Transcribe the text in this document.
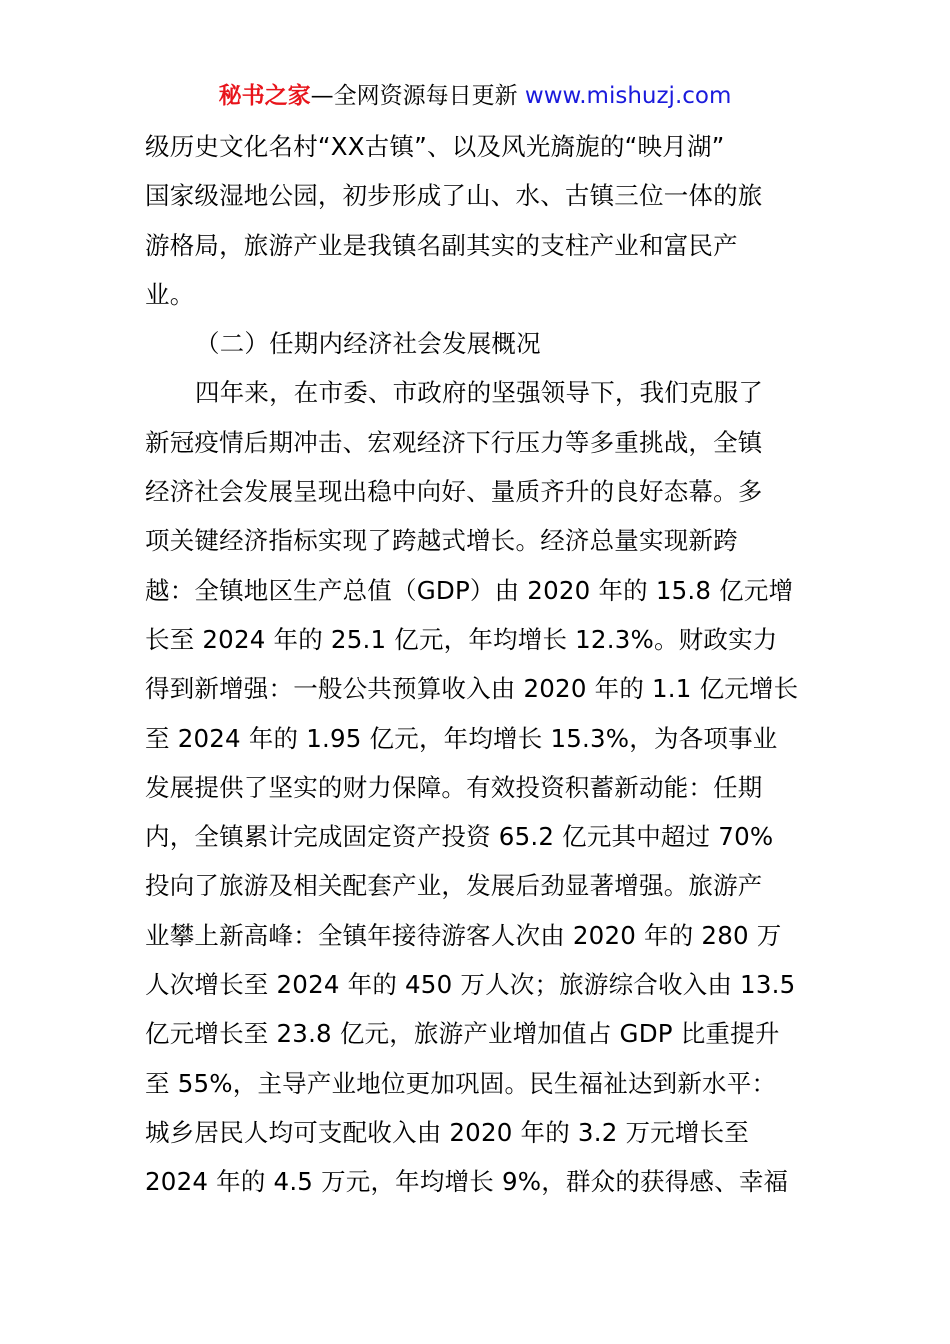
秘书之家—全网资源每日更新 www.mishuzj.com
级历史文化名村“XX古镇”、以及风光旖旎的“映月湖”
国家级湿地公园，初步形成了山、水、古镇三位一体的旅
游格局，旅游产业是我镇名副其实的支柱产业和富民产
业。
（二）任期内经济社会发展概况
四年来，在市委、市政府的坚强领导下，我们克服了
新冠疫情后期冲击、宏观经济下行压力等多重挑战，全镇
经济社会发展呈现出稳中向好、量质齐升的良好态幕。多
项关键经济指标实现了跨越式增长。经济总量实现新跨
越：全镇地区生产总值（GDP）由 2020 年的 15.8 亿元增
长至 2024 年的 25.1 亿元，年均增长 12.3%。财政实力
得到新增强：一般公共预算收入由 2020 年的 1.1 亿元增长
至 2024 年的 1.95 亿元，年均增长 15.3%，为各项事业
发展提供了坚实的财力保障。有效投资积蓄新动能：任期
内，全镇累计完成固定资产投资 65.2 亿元其中超过 70%
投向了旅游及相关配套产业，发展后劲显著增强。旅游产
业攀上新高峰：全镇年接待游客人次由 2020 年的 280 万
人次增长至 2024 年的 450 万人次；旅游综合收入由 13.5
亿元增长至 23.8 亿元，旅游产业增加值占 GDP 比重提升
至 55%，主导产业地位更加巩固。民生福祉达到新水平：
城乡居民人均可支配收入由 2020 年的 3.2 万元增长至
2024 年的 4.5 万元，年均增长 9%，群众的获得感、幸福
